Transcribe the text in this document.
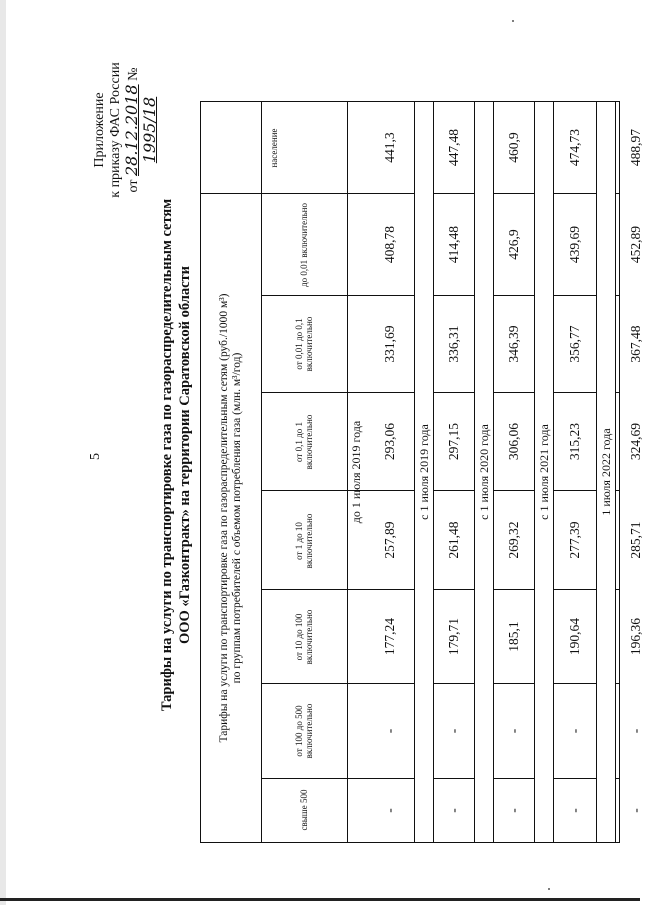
5
Приложение к приказу ФАС России от 28.12.2018 № 1995/18
Тарифы на услуги по транспортировке газа по газораспределительным сетям ООО «Газконтракт» на территории Саратовской области Тарифы на услуги по транспортировке газа по газораспределительным сетям (руб./1000 м³) по группам потребителей с объемом потребления газа (млн. м³/год)
свыше 500
от 100 до 500 включительно
от 10 до 100 включительно
от 1 до 10 включительно
от 0,1 до 1 включительно
от 0,01 до 0,1 включительно
до 0,01 включительно
население
до 1 июля 2019 года
-
-
177,24
257,89
293,06
331,69
408,78
441,3
с 1 июля 2019 года
-
-
179,71
261,48
297,15
336,31
414,48
447,48
с 1 июля 2020 года
-
-
185,1
269,32
306,06
346,39
426,9
460,9
с 1 июля 2021 года
-
-
190,64
277,39
315,23
356,77
439,69
474,73
1 июля 2022 года
-
-
196,36
285,71
324,69
367,48
452,89
488,97
